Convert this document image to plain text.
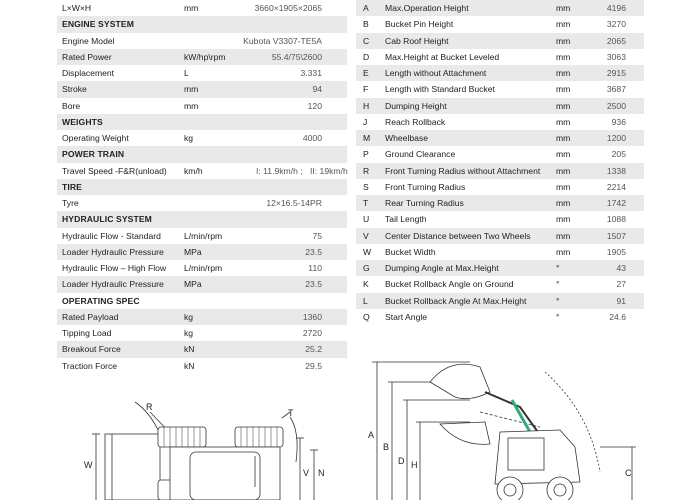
L×W×H	mm	3660×1905×2065
ENGINE SYSTEM
Engine Model	Kubota V3307-TE5A
Rated Power	kW/hp\rpm	55.4/75\2600
Displacement	L	3.331
Stroke	mm	94
Bore	mm	120
WEIGHTS
Operating Weight	kg	4000
POWER TRAIN
Travel Speed -F&R(unload) km/h	I: 11.9km/h ; II: 19km/h
TIRE
Tyre	12×16.5-14PR
HYDRAULIC SYSTEM
Hydraulic Flow - Standard	L/min/rpm	75
Loader Hydraulic Pressure MPa	23.5
Hydraulic Flow – High Flow L/min/rpm	110
Loader Hydraulic Pressure MPa	23.5
OPERATING SPEC
Rated Payload	kg	1360
Tipping Load	kg	2720
Breakout Force	kN	25.2
Traction Force	kN	29.5
A Max.Operation Height	mm	4196
B Bucket Pin Height	mm	3270
C Cab Roof Height	mm	2065
D Max.Height at Bucket Leveled	mm	3063
E Length without Attachment	mm	2915
F Length with Standard Bucket	mm	3687
H Dumping Height	mm	2500
J Reach Rollback	mm	936
M Wheelbase	mm	1200
P Ground Clearance	mm	205
R Front Turning Radius without Attachment mm	1338
S Front Turning Radius	mm	2214
T Rear Turning Radius	mm	1742
U Tail Length	mm	1088
V Center Distance between Two Wheels	mm	1507
W Bucket Width	mm	1905
G Dumping Angle at Max.Height	°	43
K Bucket Rollback Angle on Ground	°	27
L Bucket Rollback Angle At Max.Height	°	91
Q Start Angle	°	24.6
R
T
W
V N
A
B
D H
C
